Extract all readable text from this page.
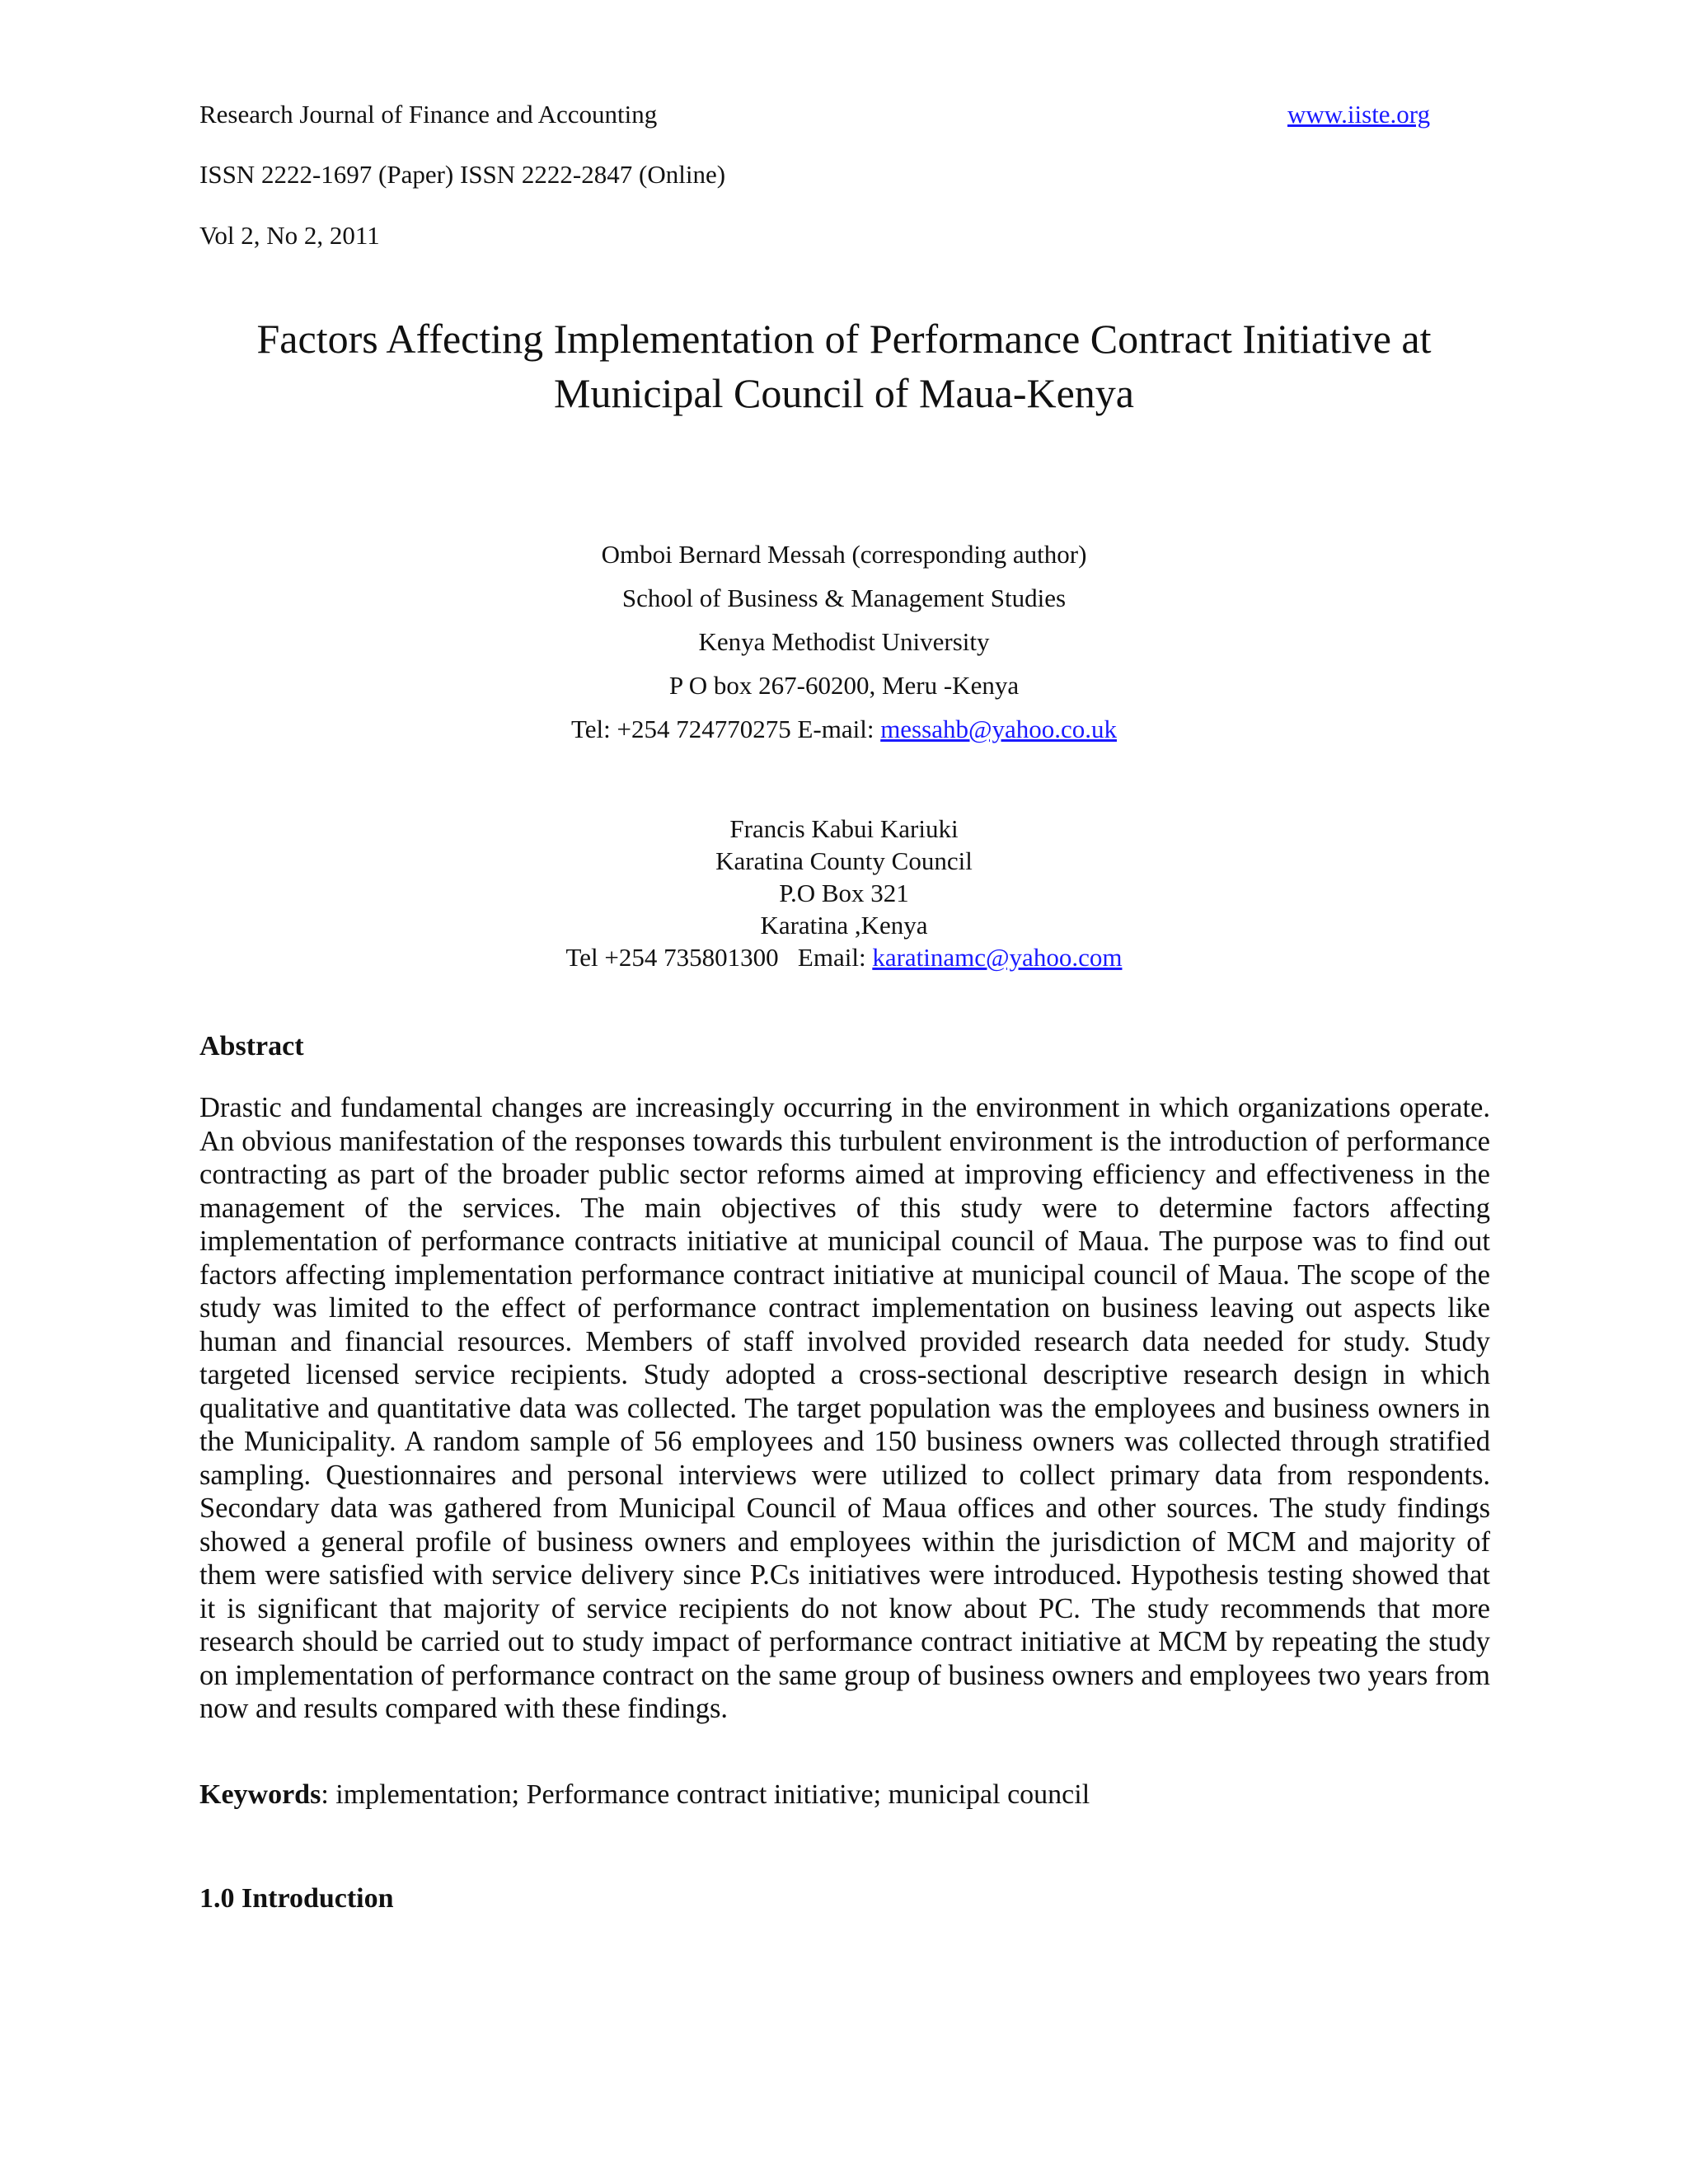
Research Journal of Finance and Accounting	www.iiste.org

ISSN 2222-1697 (Paper) ISSN 2222-2847 (Online)

Vol 2, No 2, 2011

Factors Affecting Implementation of Performance Contract Initiative at
Municipal Council of Maua-Kenya
Omboi Bernard Messah (corresponding author)
School of Business & Management Studies
Kenya Methodist University
P O box 267-60200, Meru -Kenya
Tel: +254 724770275 E-mail: messahb@yahoo.co.uk
Francis Kabui Kariuki
Karatina County Council
P.O Box 321
Karatina ,Kenya
Tel +254 735801300   Email: karatinamc@yahoo.com
Abstract

Drastic and fundamental changes are increasingly occurring in the environment in which organizations operate. An obvious manifestation of the responses towards this turbulent environment is the introduction of performance contracting as part of the broader public sector reforms aimed at improving efficiency and effectiveness in the management of the services. The main objectives of this study were to determine factors affecting implementation of performance contracts initiative at municipal council of Maua. The purpose was to find out factors affecting implementation performance contract initiative at municipal council of Maua. The scope of the study was limited to the effect of performance contract implementation on business leaving out aspects like human and financial resources. Members of staff involved provided research data needed for study. Study targeted licensed service recipients. Study adopted a cross-sectional descriptive research design in which qualitative and quantitative data was collected. The target population was the employees and business owners in the Municipality. A random sample of 56 employees and 150 business owners was collected through stratified sampling. Questionnaires and personal interviews were utilized to collect primary data from respondents. Secondary data was gathered from Municipal Council of Maua offices and other sources. The study findings showed a general profile of business owners and employees within the jurisdiction of MCM and majority of them were satisfied with service delivery since P.Cs initiatives were introduced. Hypothesis testing showed that it is significant that majority of service recipients do not know about PC. The study recommends that more research should be carried out to study impact of performance contract initiative at MCM by repeating the study on implementation of performance contract on the same group of business owners and employees two years from now and results compared with these findings.

Keywords: implementation; Performance contract initiative; municipal council

1.0 Introduction
